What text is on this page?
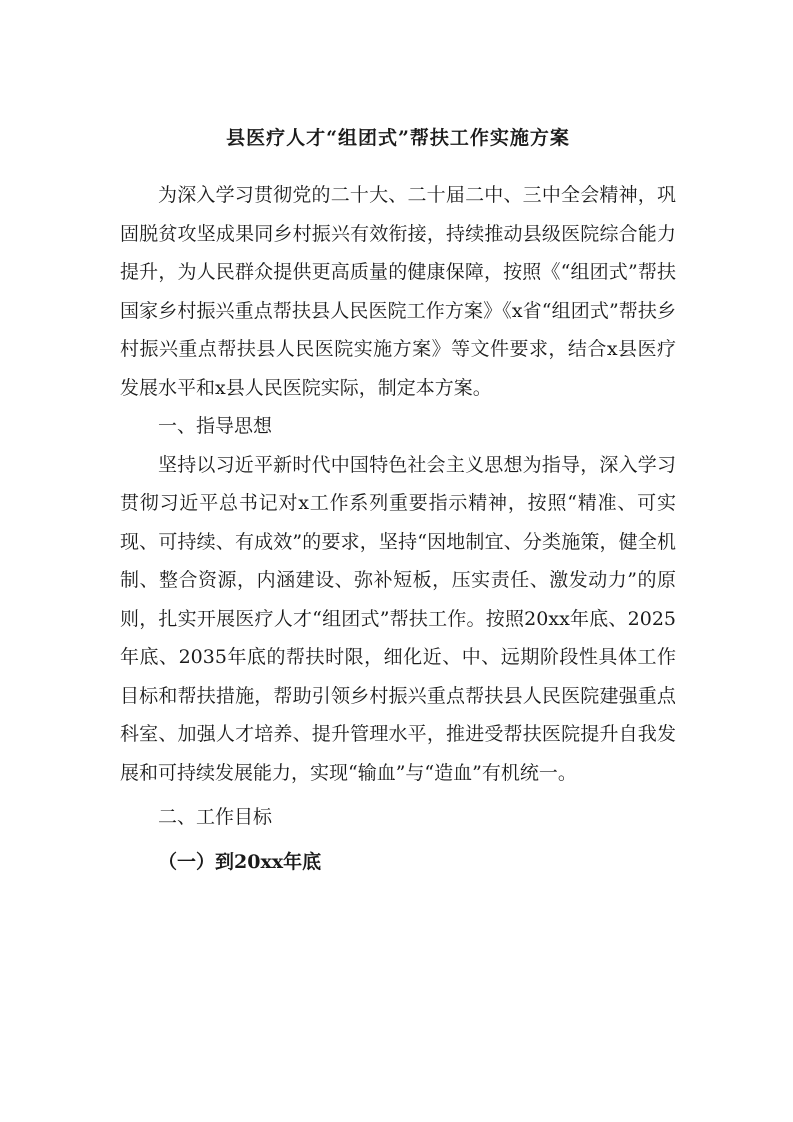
县医疗人才“组团式”帮扶工作实施方案

为深入学习贯彻党的二十大、二十届二中、三中全会精神，巩固脱贫攻坚成果同乡村振兴有效衔接，持续推动县级医院综合能力提升，为人民群众提供更高质量的健康保障，按照《“组团式”帮扶国家乡村振兴重点帮扶县人民医院工作方案》《x省“组团式”帮扶乡村振兴重点帮扶县人民医院实施方案》等文件要求，结合x县医疗发展水平和x县人民医院实际，制定本方案。

一、指导思想

坚持以习近平新时代中国特色社会主义思想为指导，深入学习贯彻习近平总书记对x工作系列重要指示精神，按照“精准、可实现、可持续、有成效”的要求，坚持“因地制宜、分类施策，健全机制、整合资源，内涵建设、弥补短板，压实责任、激发动力”的原则，扎实开展医疗人才“组团式”帮扶工作。按照20xx年底、2025年底、2035年底的帮扶时限，细化近、中、远期阶段性具体工作目标和帮扶措施，帮助引领乡村振兴重点帮扶县人民医院建强重点科室、加强人才培养、提升管理水平，推进受帮扶医院提升自我发展和可持续发展能力，实现“输血”与“造血”有机统一。

二、工作目标

（一）到20xx年底
